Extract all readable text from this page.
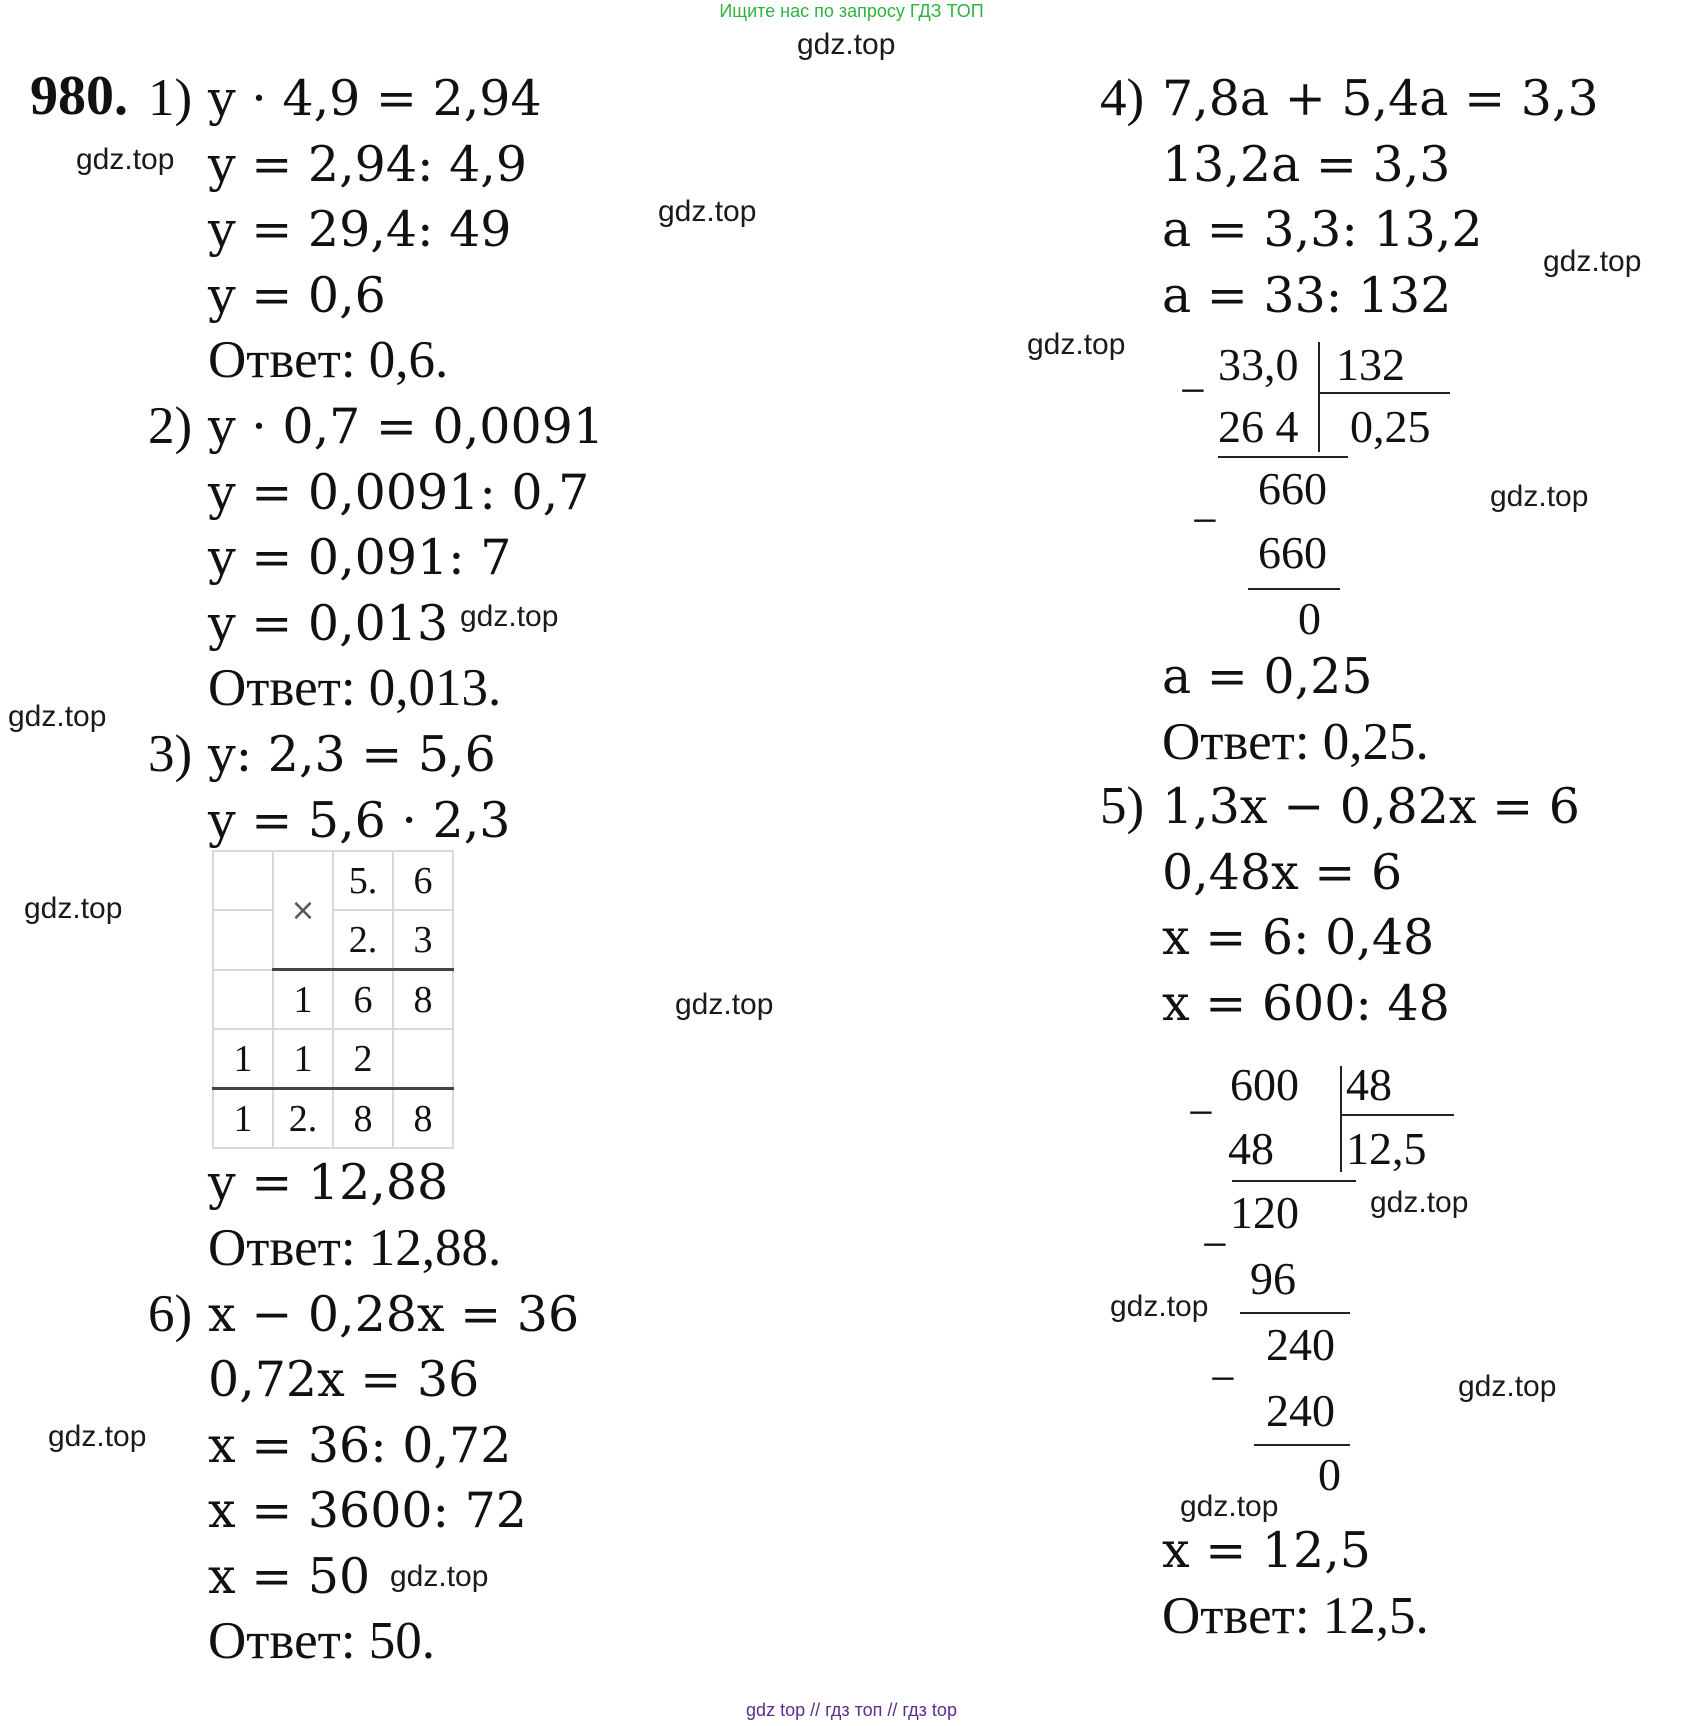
Ищите нас по запросу ГДЗ ТОП
gdz top // гдз топ // гдз top
gdz.top
gdz.top
gdz.top
gdz.top
gdz.top
gdz.top
gdz.top
gdz.top
gdz.top
gdz.top
gdz.top
gdz.top
gdz.top
gdz.top
gdz.top
gdz.top
980. 1) y · 4,9 = 2,94
y = 2,94: 4,9
y = 29,4: 49
y = 0,6
Ответ: 0,6.
2) y · 0,7 = 0,0091
y = 0,0091: 0,7
y = 0,091: 7
y = 0,013
Ответ: 0,013.
3) y: 2,3 = 5,6
y = 5,6 · 2,3
	×	5.	6
		2.	3
	1	6	8
1	1	2	
1	2.	8	8
y = 12,88
Ответ: 12,88.
6) x − 0,28x = 36
0,72x = 36
x = 36: 0,72
x = 3600: 72
x = 50
Ответ: 50.
4) 7,8a + 5,4a = 3,3
13,2a = 3,3
a = 3,3: 13,2
a = 33: 132
−
33,0 132
26 4 0,25
−
660
660
0
a = 0,25
Ответ: 0,25.
5) 1,3x − 0,82x = 6
0,48x = 6
x = 6: 0,48
x = 600: 48
−
600 48
48 12,5
120
−
96
240
−
240
0
x = 12,5
Ответ: 12,5.
